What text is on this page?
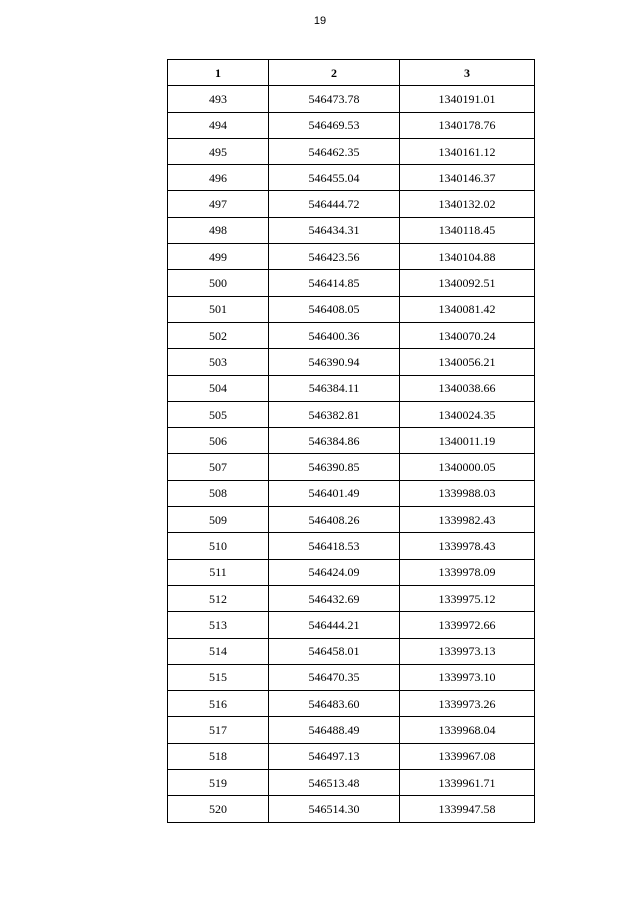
19
1	2	3
493	546473.78	1340191.01
494	546469.53	1340178.76
495	546462.35	1340161.12
496	546455.04	1340146.37
497	546444.72	1340132.02
498	546434.31	1340118.45
499	546423.56	1340104.88
500	546414.85	1340092.51
501	546408.05	1340081.42
502	546400.36	1340070.24
503	546390.94	1340056.21
504	546384.11	1340038.66
505	546382.81	1340024.35
506	546384.86	1340011.19
507	546390.85	1340000.05
508	546401.49	1339988.03
509	546408.26	1339982.43
510	546418.53	1339978.43
511	546424.09	1339978.09
512	546432.69	1339975.12
513	546444.21	1339972.66
514	546458.01	1339973.13
515	546470.35	1339973.10
516	546483.60	1339973.26
517	546488.49	1339968.04
518	546497.13	1339967.08
519	546513.48	1339961.71
520	546514.30	1339947.58
